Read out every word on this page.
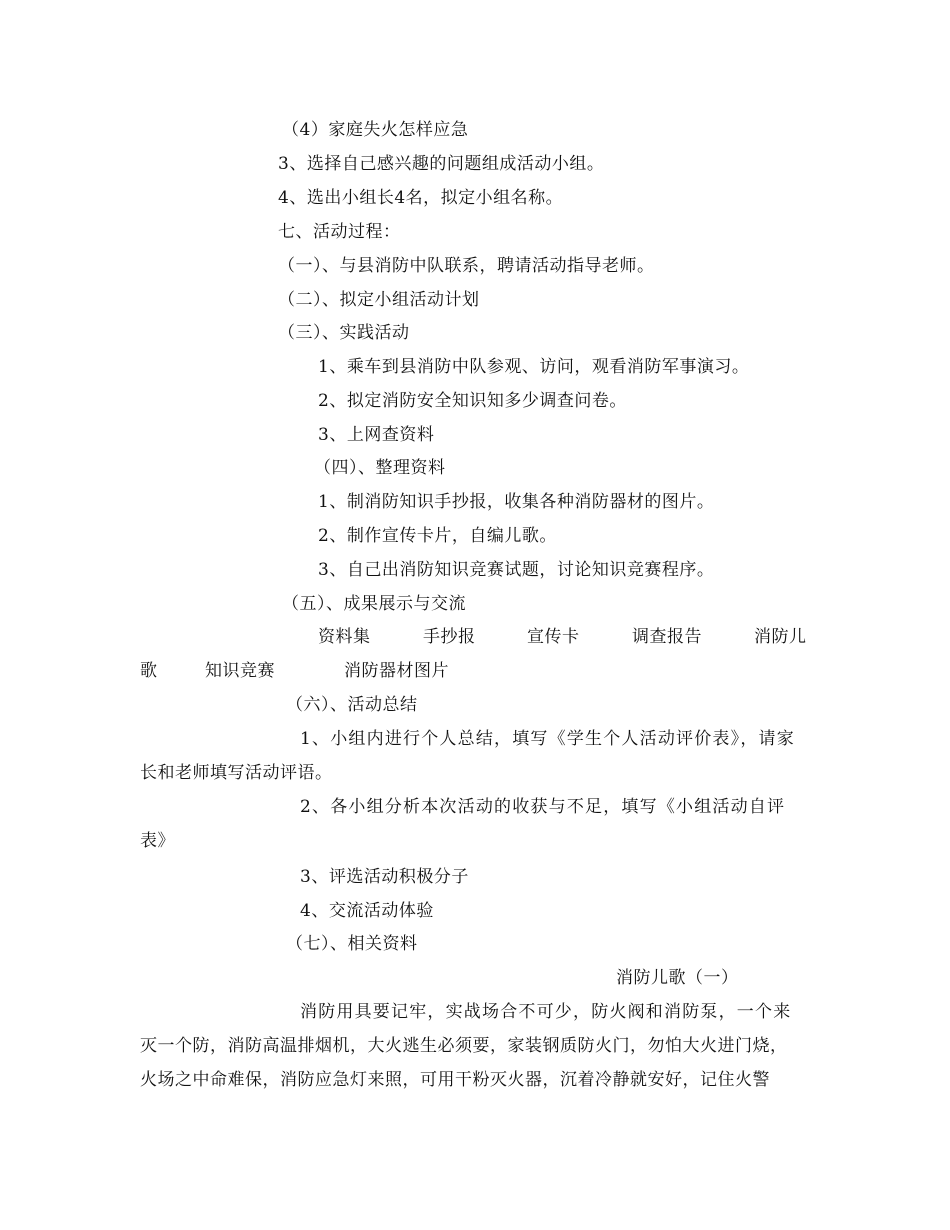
（4）家庭失火怎样应急
3、选择自己感兴趣的问题组成活动小组。
4、选出小组长4名，拟定小组名称。
七、活动过程：
（一）、与县消防中队联系，聘请活动指导老师。
（二）、拟定小组活动计划
（三）、实践活动
1、乘车到县消防中队参观、访问，观看消防军事演习。
2、拟定消防安全知识知多少调查问卷。
3、上网查资料
（四）、整理资料
1、制消防知识手抄报，收集各种消防器材的图片。
2、制作宣传卡片，自编儿歌。
3、自己出消防知识竞赛试题，讨论知识竞赛程序。
（五）、成果展示与交流
资料集	手抄报	宣传卡	调查报告	消防儿
歌	知识竞赛	消防器材图片
（六）、活动总结
1、小组内进行个人总结，填写《学生个人活动评价表》，请家
长和老师填写活动评语。
2、各小组分析本次活动的收获与不足，填写《小组活动自评
表》
3、评选活动积极分子
4、交流活动体验
（七）、相关资料
消防儿歌（一）
消防用具要记牢，实战场合不可少，防火阀和消防泵，一个来
灭一个防，消防高温排烟机，大火逃生必须要，家装钢质防火门，勿怕大火进门烧，
火场之中命难保，消防应急灯来照，可用干粉灭火器，沉着冷静就安好，记住火警
